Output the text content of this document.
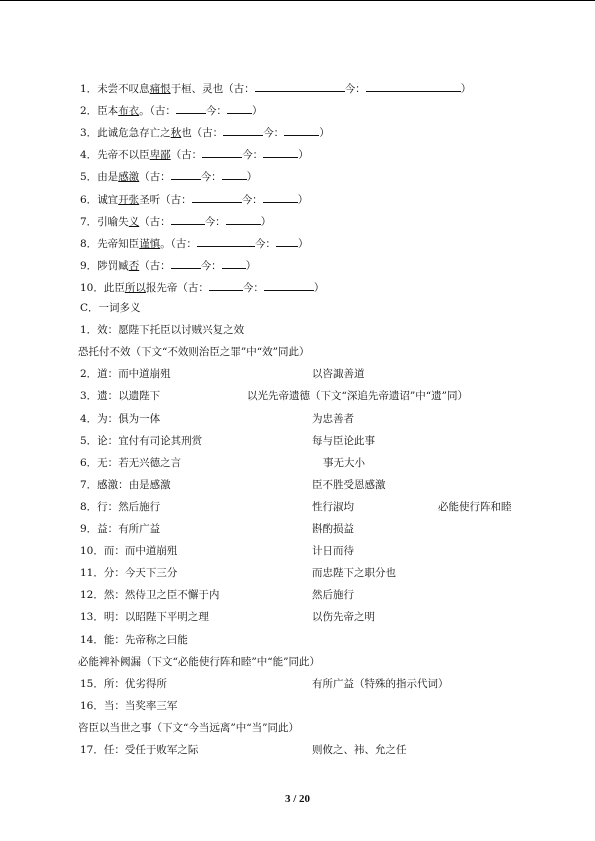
1．未尝不叹息痛恨于桓、灵也（古：	今：	）
2．臣本布衣。（古：	今： ）
3．此诚危急存亡之秋也（古：	今：	）
4．先帝不以臣卑鄙（古：	今：	）
5．由是感激（古：	今： ）
6．诚宜开张圣听（古：	今：	）
7．引喻失义（古：	今：	）
8．先帝知臣谨慎。（古：	今： ）
9．陟罚臧否（古：	今： ）
10．此臣所以报先帝（古：	今：	）
C．一词多义
1．效：愿陛下托臣以讨贼兴复之效
恐托付不效（下文“不效则治臣之罪”中“效”同此）
2．道：而中道崩殂	以咨諏善道
3．遗：以遗陛下	以光先帝遗德（下文“深追先帝遗诏”中“遗”同）
4．为：俱为一体	为忠善者
5．论：宜付有司论其刑赏	每与臣论此事
6．无：若无兴德之言	事无大小
7．感激：由是感激	臣不胜受恩感激
8．行：然后施行	性行淑均	必能使行阵和睦
9．益：有所广益	斟酌损益
10．而：而中道崩殂	计日而待
11．分：今天下三分	而忠陛下之职分也
12．然：然侍卫之臣不懈于内	然后施行
13．明：以昭陛下平明之理	以伤先帝之明
14．能：先帝称之曰能
必能裨补阙漏（下文“必能使行阵和睦”中“能”同此）
15．所：优劣得所	有所广益（特殊的指示代词）
16．当：当奖率三军
咨臣以当世之事（下文“今当远离”中“当”同此）
17．任：受任于败军之际	则攸之、袆、允之任
3 / 20
